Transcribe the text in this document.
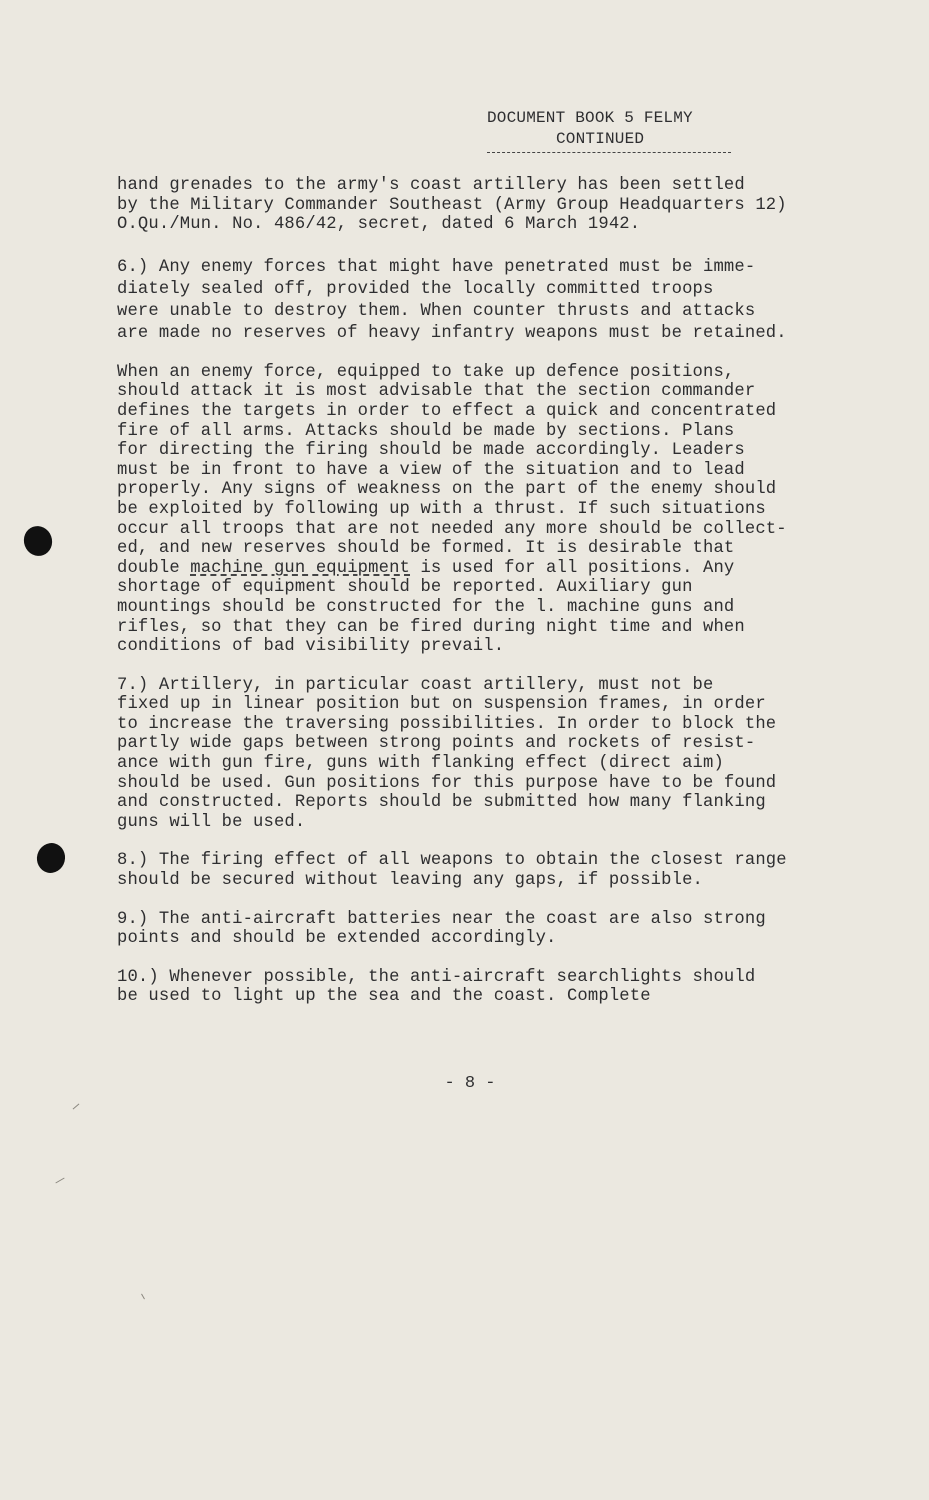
DOCUMENT BOOK 5 FELMY
CONTINUED

hand grenades to the army's coast artillery has been settled
by the Military Commander Southeast (Army Group Headquarters 12)
O.Qu./Mun. No. 486/42, secret, dated 6 March 1942.

6.) Any enemy forces that might have penetrated must be imme-
diately sealed off, provided the locally committed troops
were unable to destroy them. When counter thrusts and attacks
are made no reserves of heavy infantry weapons must be retained.

When an enemy force, equipped to take up defence positions,
should attack it is most advisable that the section commander
defines the targets in order to effect a quick and concentrated
fire of all arms. Attacks should be made by sections. Plans
for directing the firing should be made accordingly. Leaders
must be in front to have a view of the situation and to lead
properly. Any signs of weakness on the part of the enemy should
be exploited by following up with a thrust. If such situations
occur all troops that are not needed any more should be collect-
ed, and new reserves should be formed. It is desirable that
double machine gun equipment is used for all positions. Any
shortage of equipment should be reported. Auxiliary gun
mountings should be constructed for the l. machine guns and
rifles, so that they can be fired during night time and when
conditions of bad visibility prevail.

7.) Artillery, in particular coast artillery, must not be
fixed up in linear position but on suspension frames, in order
to increase the traversing possibilities. In order to block the
partly wide gaps between strong points and rockets of resist-
ance with gun fire, guns with flanking effect (direct aim)
should be used. Gun positions for this purpose have to be found
and constructed. Reports should be submitted how many flanking
guns will be used.

8.) The firing effect of all weapons to obtain the closest range
should be secured without leaving any gaps, if possible.

9.) The anti-aircraft batteries near the coast are also strong
points and should be extended accordingly.

10.) Whenever possible, the anti-aircraft searchlights should
be used to light up the sea and the coast. Complete

- 8 -
